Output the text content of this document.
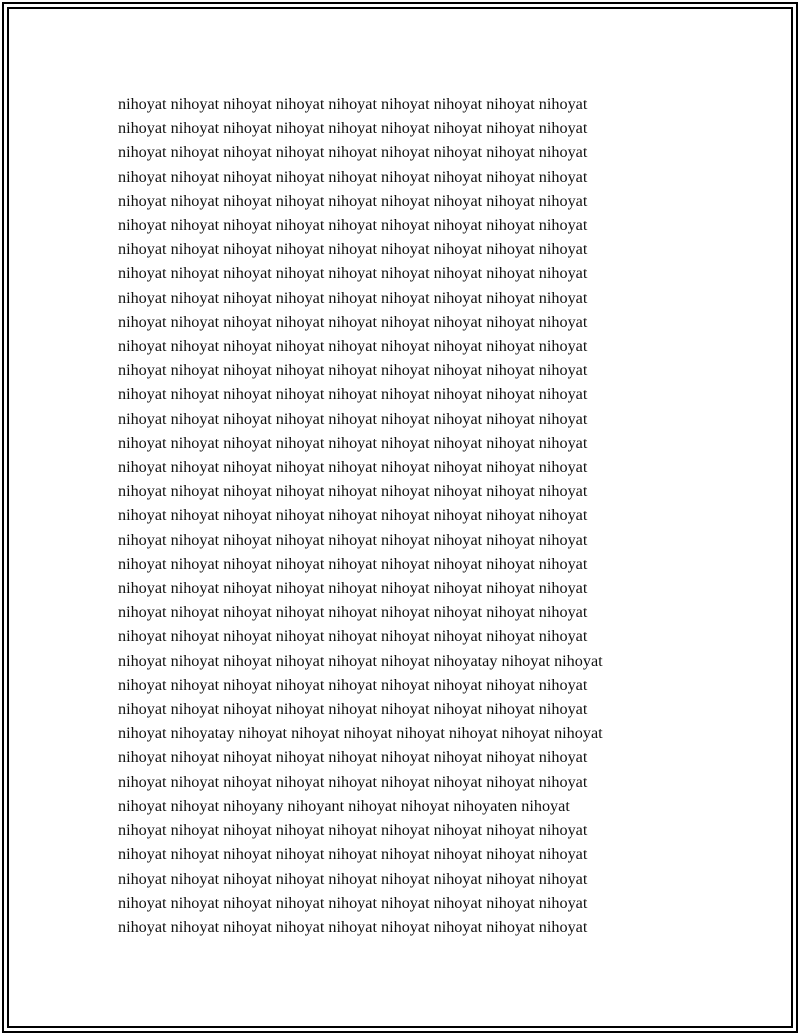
nihoyat nihoyat nihoyat nihoyat nihoyat nihoyat nihoyat nihoyat nihoyat

nihoyat nihoyat nihoyat nihoyat nihoyat nihoyat nihoyat nihoyat nihoyat

nihoyat nihoyat nihoyat nihoyat nihoyat nihoyat nihoyat nihoyat nihoyat

nihoyat nihoyat nihoyat nihoyat nihoyat nihoyat nihoyat nihoyat nihoyat

nihoyat nihoyat nihoyat nihoyat nihoyat nihoyat nihoyat nihoyat nihoyat

nihoyat nihoyat nihoyat nihoyat nihoyat nihoyat nihoyat nihoyat nihoyat

nihoyat nihoyat nihoyat nihoyat nihoyat nihoyat nihoyat nihoyat nihoyat

nihoyat nihoyat nihoyat nihoyat nihoyat nihoyat nihoyat nihoyat nihoyat

nihoyat nihoyat nihoyat nihoyat nihoyat nihoyat nihoyat nihoyat nihoyat

nihoyat nihoyat nihoyat nihoyat nihoyat nihoyat nihoyat nihoyat nihoyat

nihoyat nihoyat nihoyat nihoyat nihoyat nihoyat nihoyat nihoyat nihoyat

nihoyat nihoyat nihoyat nihoyat nihoyat nihoyat nihoyat nihoyat nihoyat

nihoyat nihoyat nihoyat nihoyat nihoyat nihoyat nihoyat nihoyat nihoyat

nihoyat nihoyat nihoyat nihoyat nihoyat nihoyat nihoyat nihoyat nihoyat

nihoyat nihoyat nihoyat nihoyat nihoyat nihoyat nihoyat nihoyat nihoyat

nihoyat nihoyat nihoyat nihoyat nihoyat nihoyat nihoyat nihoyat nihoyat

nihoyat nihoyat nihoyat nihoyat nihoyat nihoyat nihoyat nihoyat nihoyat

nihoyat nihoyat nihoyat nihoyat nihoyat nihoyat nihoyat nihoyat nihoyat

nihoyat nihoyat nihoyat nihoyat nihoyat nihoyat nihoyat nihoyat nihoyat

nihoyat nihoyat nihoyat nihoyat nihoyat nihoyat nihoyat nihoyat nihoyat

nihoyat nihoyat nihoyat nihoyat nihoyat nihoyat nihoyat nihoyat nihoyat

nihoyat nihoyat nihoyat nihoyat nihoyat nihoyat nihoyat nihoyat nihoyat

nihoyat nihoyat nihoyat nihoyat nihoyat nihoyat nihoyat nihoyat nihoyat

nihoyat nihoyat nihoyat nihoyat nihoyat nihoyat nihoyatay nihoyat nihoyat

nihoyat nihoyat nihoyat nihoyat nihoyat nihoyat nihoyat nihoyat nihoyat

nihoyat nihoyat nihoyat nihoyat nihoyat nihoyat nihoyat nihoyat nihoyat

nihoyat nihoyatay nihoyat nihoyat nihoyat nihoyat nihoyat nihoyat nihoyat

nihoyat nihoyat nihoyat nihoyat nihoyat nihoyat nihoyat nihoyat nihoyat

nihoyat nihoyat nihoyat nihoyat nihoyat nihoyat nihoyat nihoyat nihoyat

nihoyat nihoyat nihoyany nihoyant nihoyat nihoyat nihoyaten nihoyat

nihoyat nihoyat nihoyat nihoyat nihoyat nihoyat nihoyat nihoyat nihoyat

nihoyat nihoyat nihoyat nihoyat nihoyat nihoyat nihoyat nihoyat nihoyat

nihoyat nihoyat nihoyat nihoyat nihoyat nihoyat nihoyat nihoyat nihoyat

nihoyat nihoyat nihoyat nihoyat nihoyat nihoyat nihoyat nihoyat nihoyat

nihoyat nihoyat nihoyat nihoyat nihoyat nihoyat nihoyat nihoyat nihoyat
